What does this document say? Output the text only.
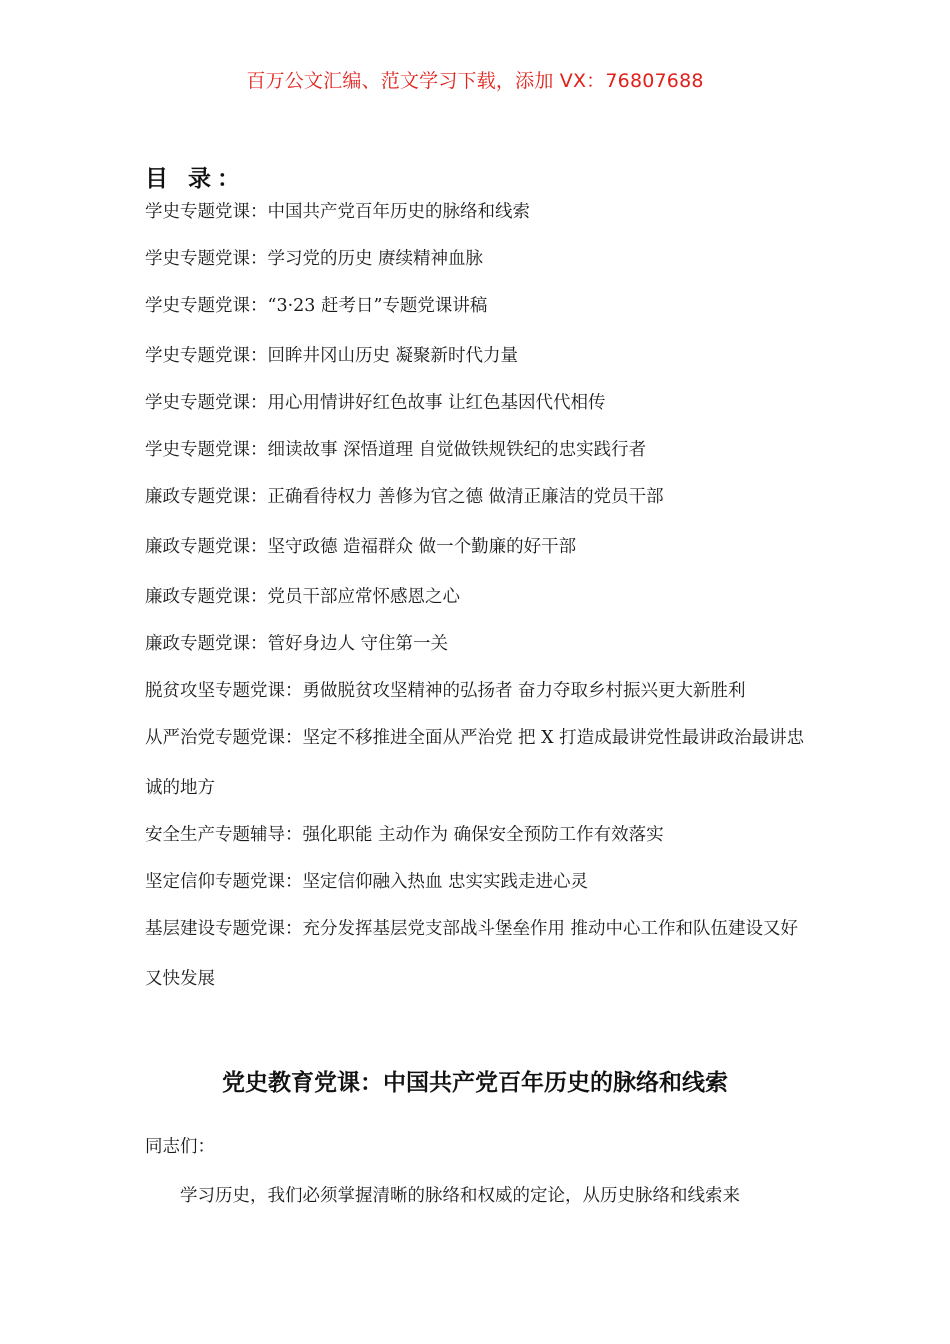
百万公文汇编、范文学习下载，添加 VX：76807688
目 录：
学史专题党课：中国共产党百年历史的脉络和线索
学史专题党课：学习党的历史 赓续精神血脉
学史专题党课：“3·23 赶考日”专题党课讲稿
学史专题党课：回眸井冈山历史 凝聚新时代力量
学史专题党课：用心用情讲好红色故事 让红色基因代代相传
学史专题党课：细读故事 深悟道理 自觉做铁规铁纪的忠实践行者
廉政专题党课：正确看待权力 善修为官之德 做清正廉洁的党员干部
廉政专题党课：坚守政德 造福群众 做一个勤廉的好干部
廉政专题党课：党员干部应常怀感恩之心
廉政专题党课：管好身边人 守住第一关
脱贫攻坚专题党课：勇做脱贫攻坚精神的弘扬者 奋力夺取乡村振兴更大新胜利
从严治党专题党课：坚定不移推进全面从严治党 把 X 打造成最讲党性最讲政治最讲忠诚的地方
安全生产专题辅导：强化职能 主动作为 确保安全预防工作有效落实
坚定信仰专题党课：坚定信仰融入热血 忠实实践走进心灵
基层建设专题党课：充分发挥基层党支部战斗堡垒作用 推动中心工作和队伍建设又好又快发展
党史教育党课：中国共产党百年历史的脉络和线索
同志们：
学习历史，我们必须掌握清晰的脉络和权威的定论，从历史脉络和线索来
